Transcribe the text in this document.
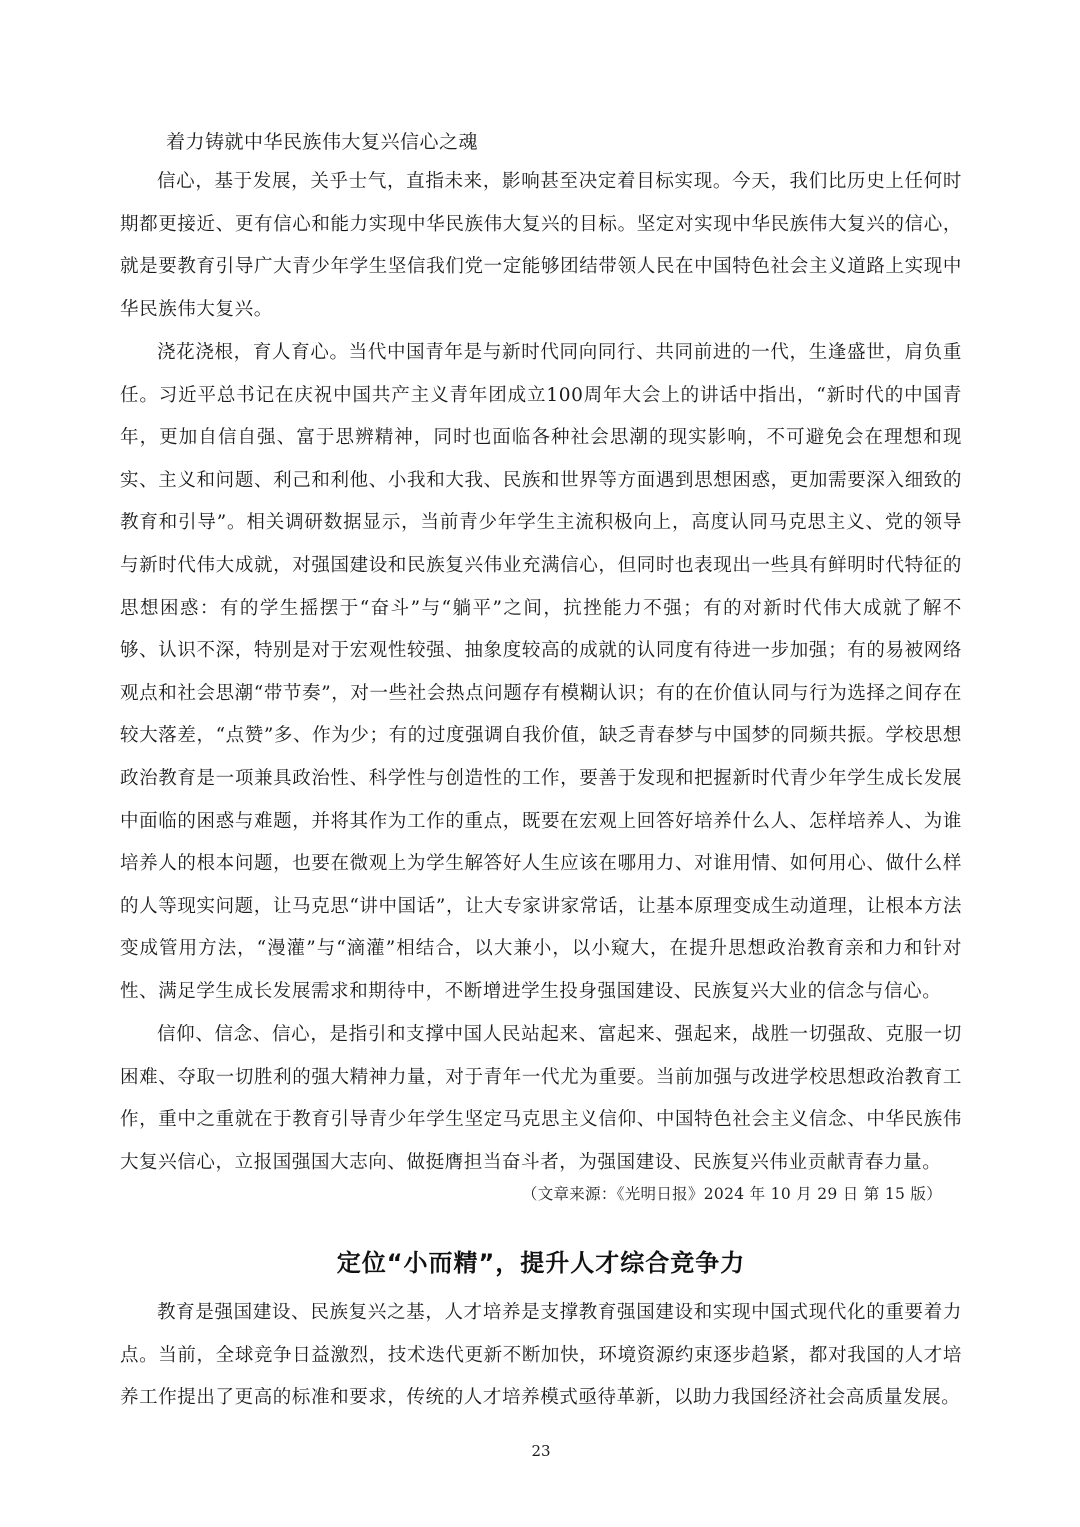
着力铸就中华民族伟大复兴信心之魂

信心，基于发展，关乎士气，直指未来，影响甚至决定着目标实现。今天，我们比历史上任何时期都更接近、更有信心和能力实现中华民族伟大复兴的目标。坚定对实现中华民族伟大复兴的信心，就是要教育引导广大青少年学生坚信我们党一定能够团结带领人民在中国特色社会主义道路上实现中华民族伟大复兴。

浇花浇根，育人育心。当代中国青年是与新时代同向同行、共同前进的一代，生逢盛世，肩负重任。习近平总书记在庆祝中国共产主义青年团成立100周年大会上的讲话中指出，“新时代的中国青年，更加自信自强、富于思辨精神，同时也面临各种社会思潮的现实影响，不可避免会在理想和现实、主义和问题、利己和利他、小我和大我、民族和世界等方面遇到思想困惑，更加需要深入细致的教育和引导”。相关调研数据显示，当前青少年学生主流积极向上，高度认同马克思主义、党的领导与新时代伟大成就，对强国建设和民族复兴伟业充满信心，但同时也表现出一些具有鲜明时代特征的思想困惑：有的学生摇摆于“奋斗”与“躺平”之间，抗挫能力不强；有的对新时代伟大成就了解不够、认识不深，特别是对于宏观性较强、抽象度较高的成就的认同度有待进一步加强；有的易被网络观点和社会思潮“带节奏”，对一些社会热点问题存有模糊认识；有的在价值认同与行为选择之间存在较大落差，“点赞”多、作为少；有的过度强调自我价值，缺乏青春梦与中国梦的同频共振。学校思想政治教育是一项兼具政治性、科学性与创造性的工作，要善于发现和把握新时代青少年学生成长发展中面临的困惑与难题，并将其作为工作的重点，既要在宏观上回答好培养什么人、怎样培养人、为谁培养人的根本问题，也要在微观上为学生解答好人生应该在哪用力、对谁用情、如何用心、做什么样的人等现实问题，让马克思“讲中国话”，让大专家讲家常话，让基本原理变成生动道理，让根本方法变成管用方法，“漫灌”与“滴灌”相结合，以大兼小，以小窥大，在提升思想政治教育亲和力和针对性、满足学生成长发展需求和期待中，不断增进学生投身强国建设、民族复兴大业的信念与信心。

信仰、信念、信心，是指引和支撑中国人民站起来、富起来、强起来，战胜一切强敌、克服一切困难、夺取一切胜利的强大精神力量，对于青年一代尤为重要。当前加强与改进学校思想政治教育工作，重中之重就在于教育引导青少年学生坚定马克思主义信仰、中国特色社会主义信念、中华民族伟大复兴信心，立报国强国大志向、做挺膺担当奋斗者，为强国建设、民族复兴伟业贡献青春力量。

（文章来源：《光明日报》2024 年 10 月 29 日 第 15 版）
定位“小而精”，提升人才综合竞争力

教育是强国建设、民族复兴之基，人才培养是支撑教育强国建设和实现中国式现代化的重要着力点。当前，全球竞争日益激烈，技术迭代更新不断加快，环境资源约束逐步趋紧，都对我国的人才培养工作提出了更高的标准和要求，传统的人才培养模式亟待革新，以助力我国经济社会高质量发展。

23
